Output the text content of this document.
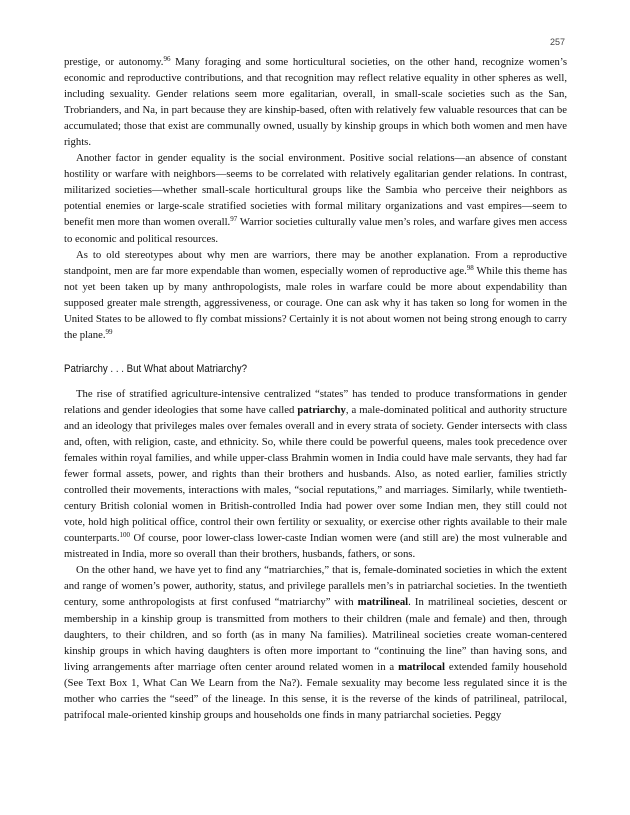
257

prestige, or autonomy.$^{96}$ Many foraging and some horticultural societies, on the other hand, recognize women’s economic and reproductive contributions, and that recognition may reflect relative equality in other spheres as well, including sexuality. Gender relations seem more egalitarian, overall, in small-scale societies such as the San, Trobrianders, and Na, in part because they are kinship-based, often with relatively few valuable resources that can be accumulated; those that exist are communally owned, usually by kinship groups in which both women and men have rights.

Another factor in gender equality is the social environment. Positive social relations—an absence of constant hostility or warfare with neighbors—seems to be correlated with relatively egalitarian gender relations. In contrast, militarized societies—whether small-scale horticultural groups like the Sambia who perceive their neighbors as potential enemies or large-scale stratified societies with formal military organizations and vast empires—seem to benefit men more than women overall.$^{97}$ Warrior societies culturally value men’s roles, and warfare gives men access to economic and political resources.

As to old stereotypes about why men are warriors, there may be another explanation. From a reproductive standpoint, men are far more expendable than women, especially women of reproductive age.$^{98}$ While this theme has not yet been taken up by many anthropologists, male roles in warfare could be more about expendability than supposed greater male strength, aggressiveness, or courage. One can ask why it has taken so long for women in the United States to be allowed to fly combat missions? Certainly it is not about women not being strong enough to carry the plane.$^{99}$

Patriarchy . . . But What about Matriarchy?

The rise of stratified agriculture-intensive centralized “states” has tended to produce transformations in gender relations and gender ideologies that some have called patriarchy, a male-dominated political and authority structure and an ideology that privileges males over females overall and in every strata of society. Gender intersects with class and, often, with religion, caste, and ethnicity. So, while there could be powerful queens, males took precedence over females within royal families, and while upper-class Brahmin women in India could have male servants, they had far fewer formal assets, power, and rights than their brothers and husbands. Also, as noted earlier, families strictly controlled their movements, interactions with males, “social reputations,” and marriages. Similarly, while twentieth-century British colonial women in British-controlled India had power over some Indian men, they still could not vote, hold high political office, control their own fertility or sexuality, or exercise other rights available to their male counterparts.$^{100}$ Of course, poor lower-class lower-caste Indian women were (and still are) the most vulnerable and mistreated in India, more so overall than their brothers, husbands, fathers, or sons.

On the other hand, we have yet to find any “matriarchies,” that is, female-dominated societies in which the extent and range of women’s power, authority, status, and privilege parallels men’s in patriarchal societies. In the twentieth century, some anthropologists at first confused “matriarchy” with matrilineal. In matrilineal societies, descent or membership in a kinship group is transmitted from mothers to their children (male and female) and then, through daughters, to their children, and so forth (as in many Na families). Matrilineal societies create woman-centered kinship groups in which having daughters is often more important to “continuing the line” than having sons, and living arrangements after marriage often center around related women in a matrilocal extended family household (See Text Box 1, What Can We Learn from the Na?). Female sexuality may become less regulated since it is the mother who carries the “seed” of the lineage. In this sense, it is the reverse of the kinds of patrilineal, patrilocal, patrifocal male-oriented kinship groups and households one finds in many patriarchal societies. Peggy
